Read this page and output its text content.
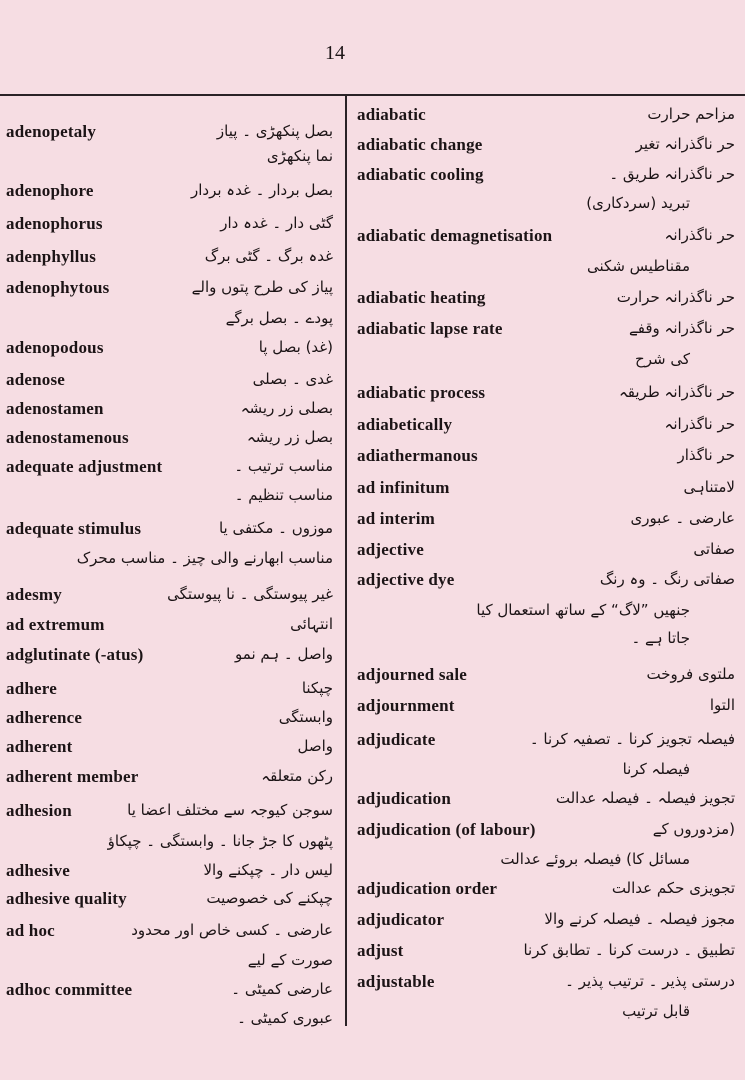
14
adenopetaly	بصل پنکھڑی ۔ پیاز
نما پنکھڑی
adenophore	بصل بردار ۔ غدہ بردار
adenophorus	گٹی دار ۔ غدہ دار
adenphyllus	غدہ برگ ۔ گٹی برگ
adenophytous	پیاز کی طرح پتوں والے
پودے ۔ بصل برگے
adenopodous	(غد) بصل پا
adenose	غدی ۔ بصلی
adenostamen	بصلی زر ریشہ
adenostamenous	بصل زر ریشہ
adequate adjustment	مناسب ترتیب ۔
مناسب تنظیم ۔
adequate stimulus	موزوں ۔ مکتفی یا
مناسب ابھارنے والی چیز ۔ مناسب محرک
adesmy	غیر پیوستگی ۔ نا پیوستگی
ad extremum	انتہائی
adglutinate (-atus)	واصل ۔ ہم نمو
adhere	چپکنا
adherence	وابستگی
adherent	واصل
adherent member	رکن متعلقہ
adhesion	سوجن کیوجہ سے مختلف اعضا یا
پٹھوں کا جڑ جانا ۔ وابستگی ۔ چپکاؤ
adhesive	لیس دار ۔ چپکنے والا
adhesive quality	چپکنے کی خصوصیت
ad hoc	عارضی ۔ کسی خاص اور محدود
صورت کے لیے
adhoc committee	عارضی کمیٹی ۔
عبوری کمیٹی ۔
adiabatic	مزاحم حرارت
adiabatic change	حر ناگذرانہ تغیر
adiabatic cooling	حر ناگذرانہ طریق ۔
تبرید (سردکاری)
adiabatic demagnetisation	حر ناگذرانہ
مقناطیس شکنی
adiabatic heating	حر ناگذرانہ حرارت
adiabatic lapse rate	حر ناگذرانہ وقفے
کی شرح
adiabatic process	حر ناگذرانہ طریقہ
adiabetically	حر ناگذرانہ
adiathermanous	حر ناگذار
ad infinitum	لامتناہی
ad interim	عارضی ۔ عبوری
adjective	صفاتی
adjective dye	صفاتی رنگ ۔ وہ رنگ
جنھیں ”لاگ“ کے ساتھ استعمال کیا
جاتا ہے ۔
adjourned sale	ملتوی فروخت
adjournment	التوا
adjudicate	فیصلہ تجویز کرنا ۔ تصفیہ کرنا ۔
فیصلہ کرنا
adjudication	تجویز فیصلہ ۔ فیصلہ عدالت
adjudication (of labour)	(مزدوروں کے
مسائل کا) فیصلہ بروئے عدالت
adjudication order	تجویزی حکم عدالت
adjudicator	مجوز فیصلہ ۔ فیصلہ کرنے والا
adjust	تطبیق ۔ درست کرنا ۔ تطابق کرنا
adjustable	درستی پذیر ۔ ترتیب پذیر ۔
قابل ترتیب
